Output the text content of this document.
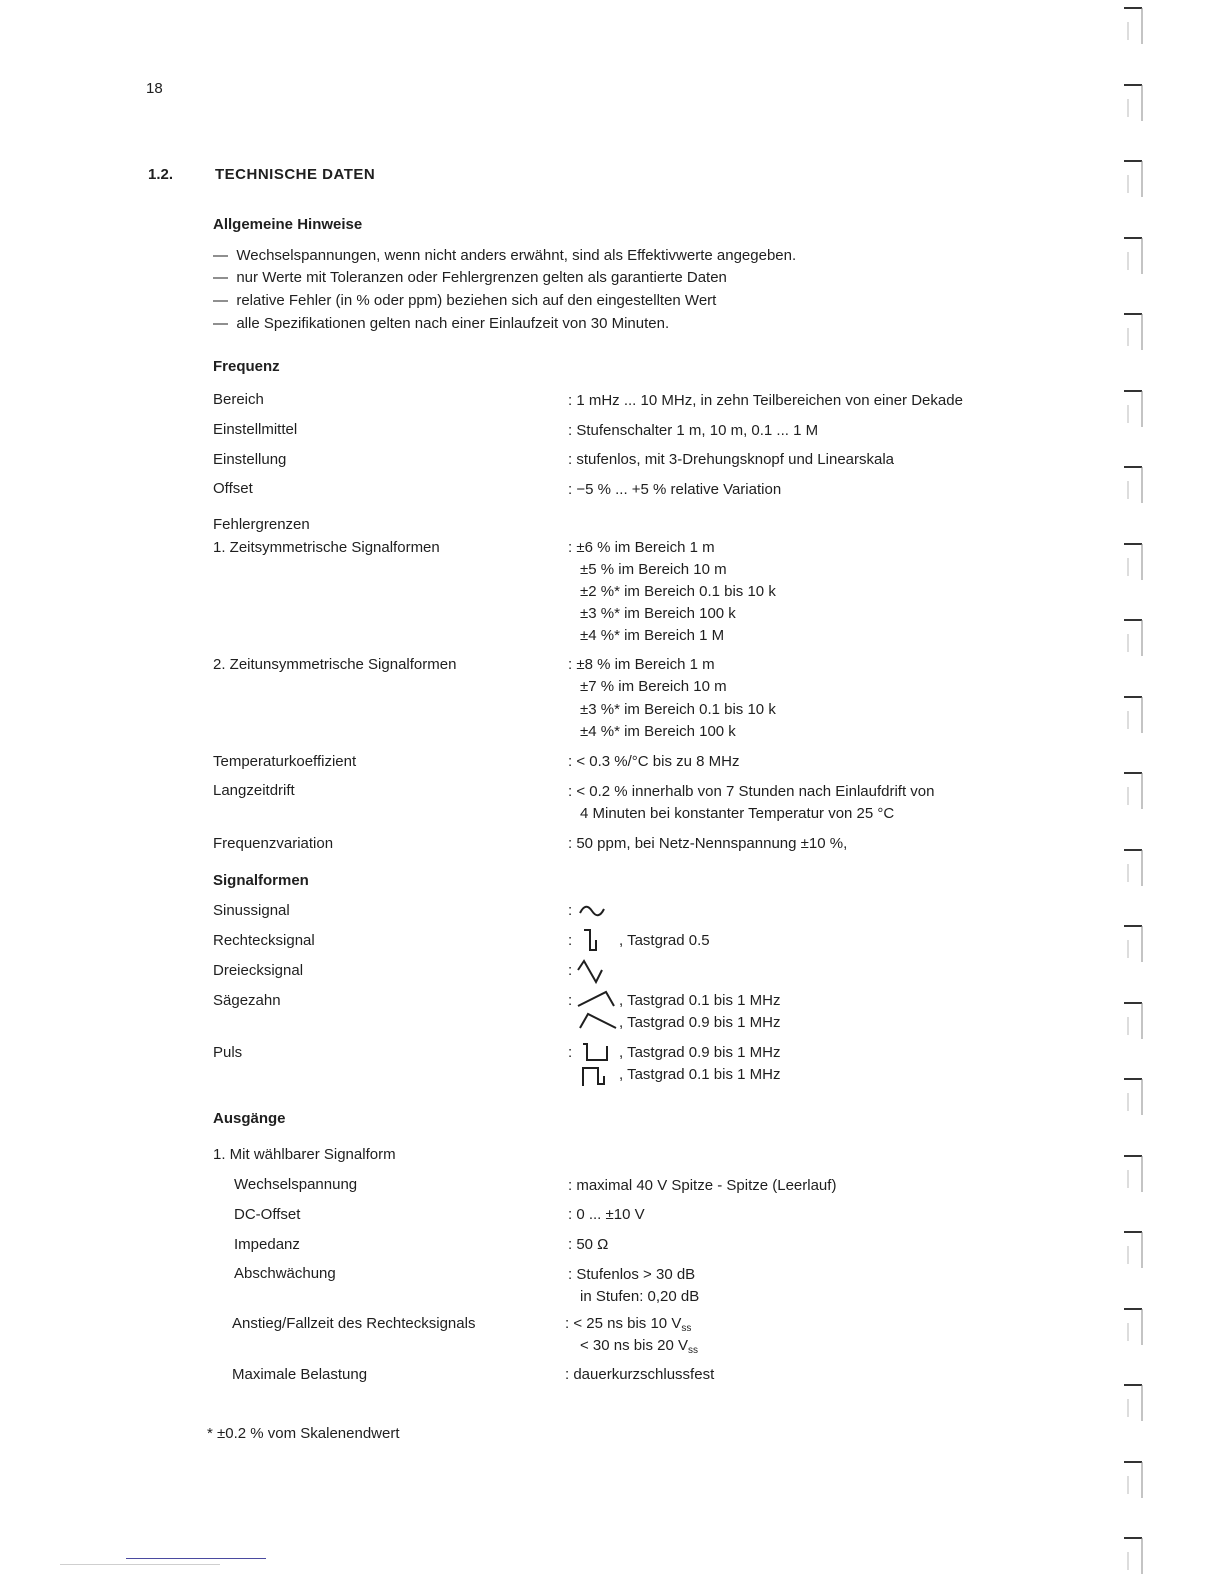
18
1.2.	TECHNISCHE DATEN
Allgemeine Hinweise
—  Wechselspannungen, wenn nicht anders erwähnt, sind als Effektivwerte angegeben.
—  nur Werte mit Toleranzen oder Fehlergrenzen gelten als garantierte Daten
—  relative Fehler (in % oder ppm) beziehen sich auf den eingestellten Wert
—  alle Spezifikationen gelten nach einer Einlaufzeit von 30 Minuten.
Frequenz
Bereich	: 1 mHz ... 10 MHz, in zehn Teilbereichen von einer Dekade
Einstellmittel	: Stufenschalter 1 m, 10 m, 0.1 ... 1 M
Einstellung	: stufenlos, mit 3-Drehungsknopf und Linearskala
Offset	: −5 % ... +5 % relative Variation
Fehlergrenzen
1. Zeitsymmetrische Signalformen	: ±6 % im Bereich 1 m
±5 % im Bereich 10 m
±2 %* im Bereich 0.1 bis 10 k
±3 %* im Bereich 100 k
±4 %* im Bereich 1 M
2. Zeitunsymmetrische Signalformen	: ±8 % im Bereich 1 m
±7 % im Bereich 10 m
±3 %* im Bereich 0.1 bis 10 k
±4 %* im Bereich 100 k
Temperaturkoeffizient	: < 0.3 %/°C bis zu 8 MHz
Langzeitdrift	: < 0.2 % innerhalb von 7 Stunden nach Einlaufdrift von
4 Minuten bei konstanter Temperatur von 25 °C
Frequenzvariation	: 50 ppm, bei Netz-Nennspannung ±10 %,
Signalformen
Sinussignal	:
Rechtecksignal	:	, Tastgrad 0.5
Dreiecksignal	:
Sägezahn	:	, Tastgrad 0.1 bis 1 MHz
, Tastgrad 0.9 bis 1 MHz
Puls	:	, Tastgrad 0.9 bis 1 MHz
, Tastgrad 0.1 bis 1 MHz
Ausgänge
1. Mit wählbarer Signalform
Wechselspannung	: maximal 40 V Spitze - Spitze (Leerlauf)
DC-Offset	: 0 ... ±10 V
Impedanz	: 50 Ω
Abschwächung	: Stufenlos > 30 dB
in Stufen: 0,20 dB
Anstieg/Fallzeit des Rechtecksignals	: < 25 ns bis 10 $V_{ss}$
< 30 ns bis 20 $V_{ss}$
Maximale Belastung	: dauerkurzschlussfest
* ±0.2 % vom Skalenendwert
